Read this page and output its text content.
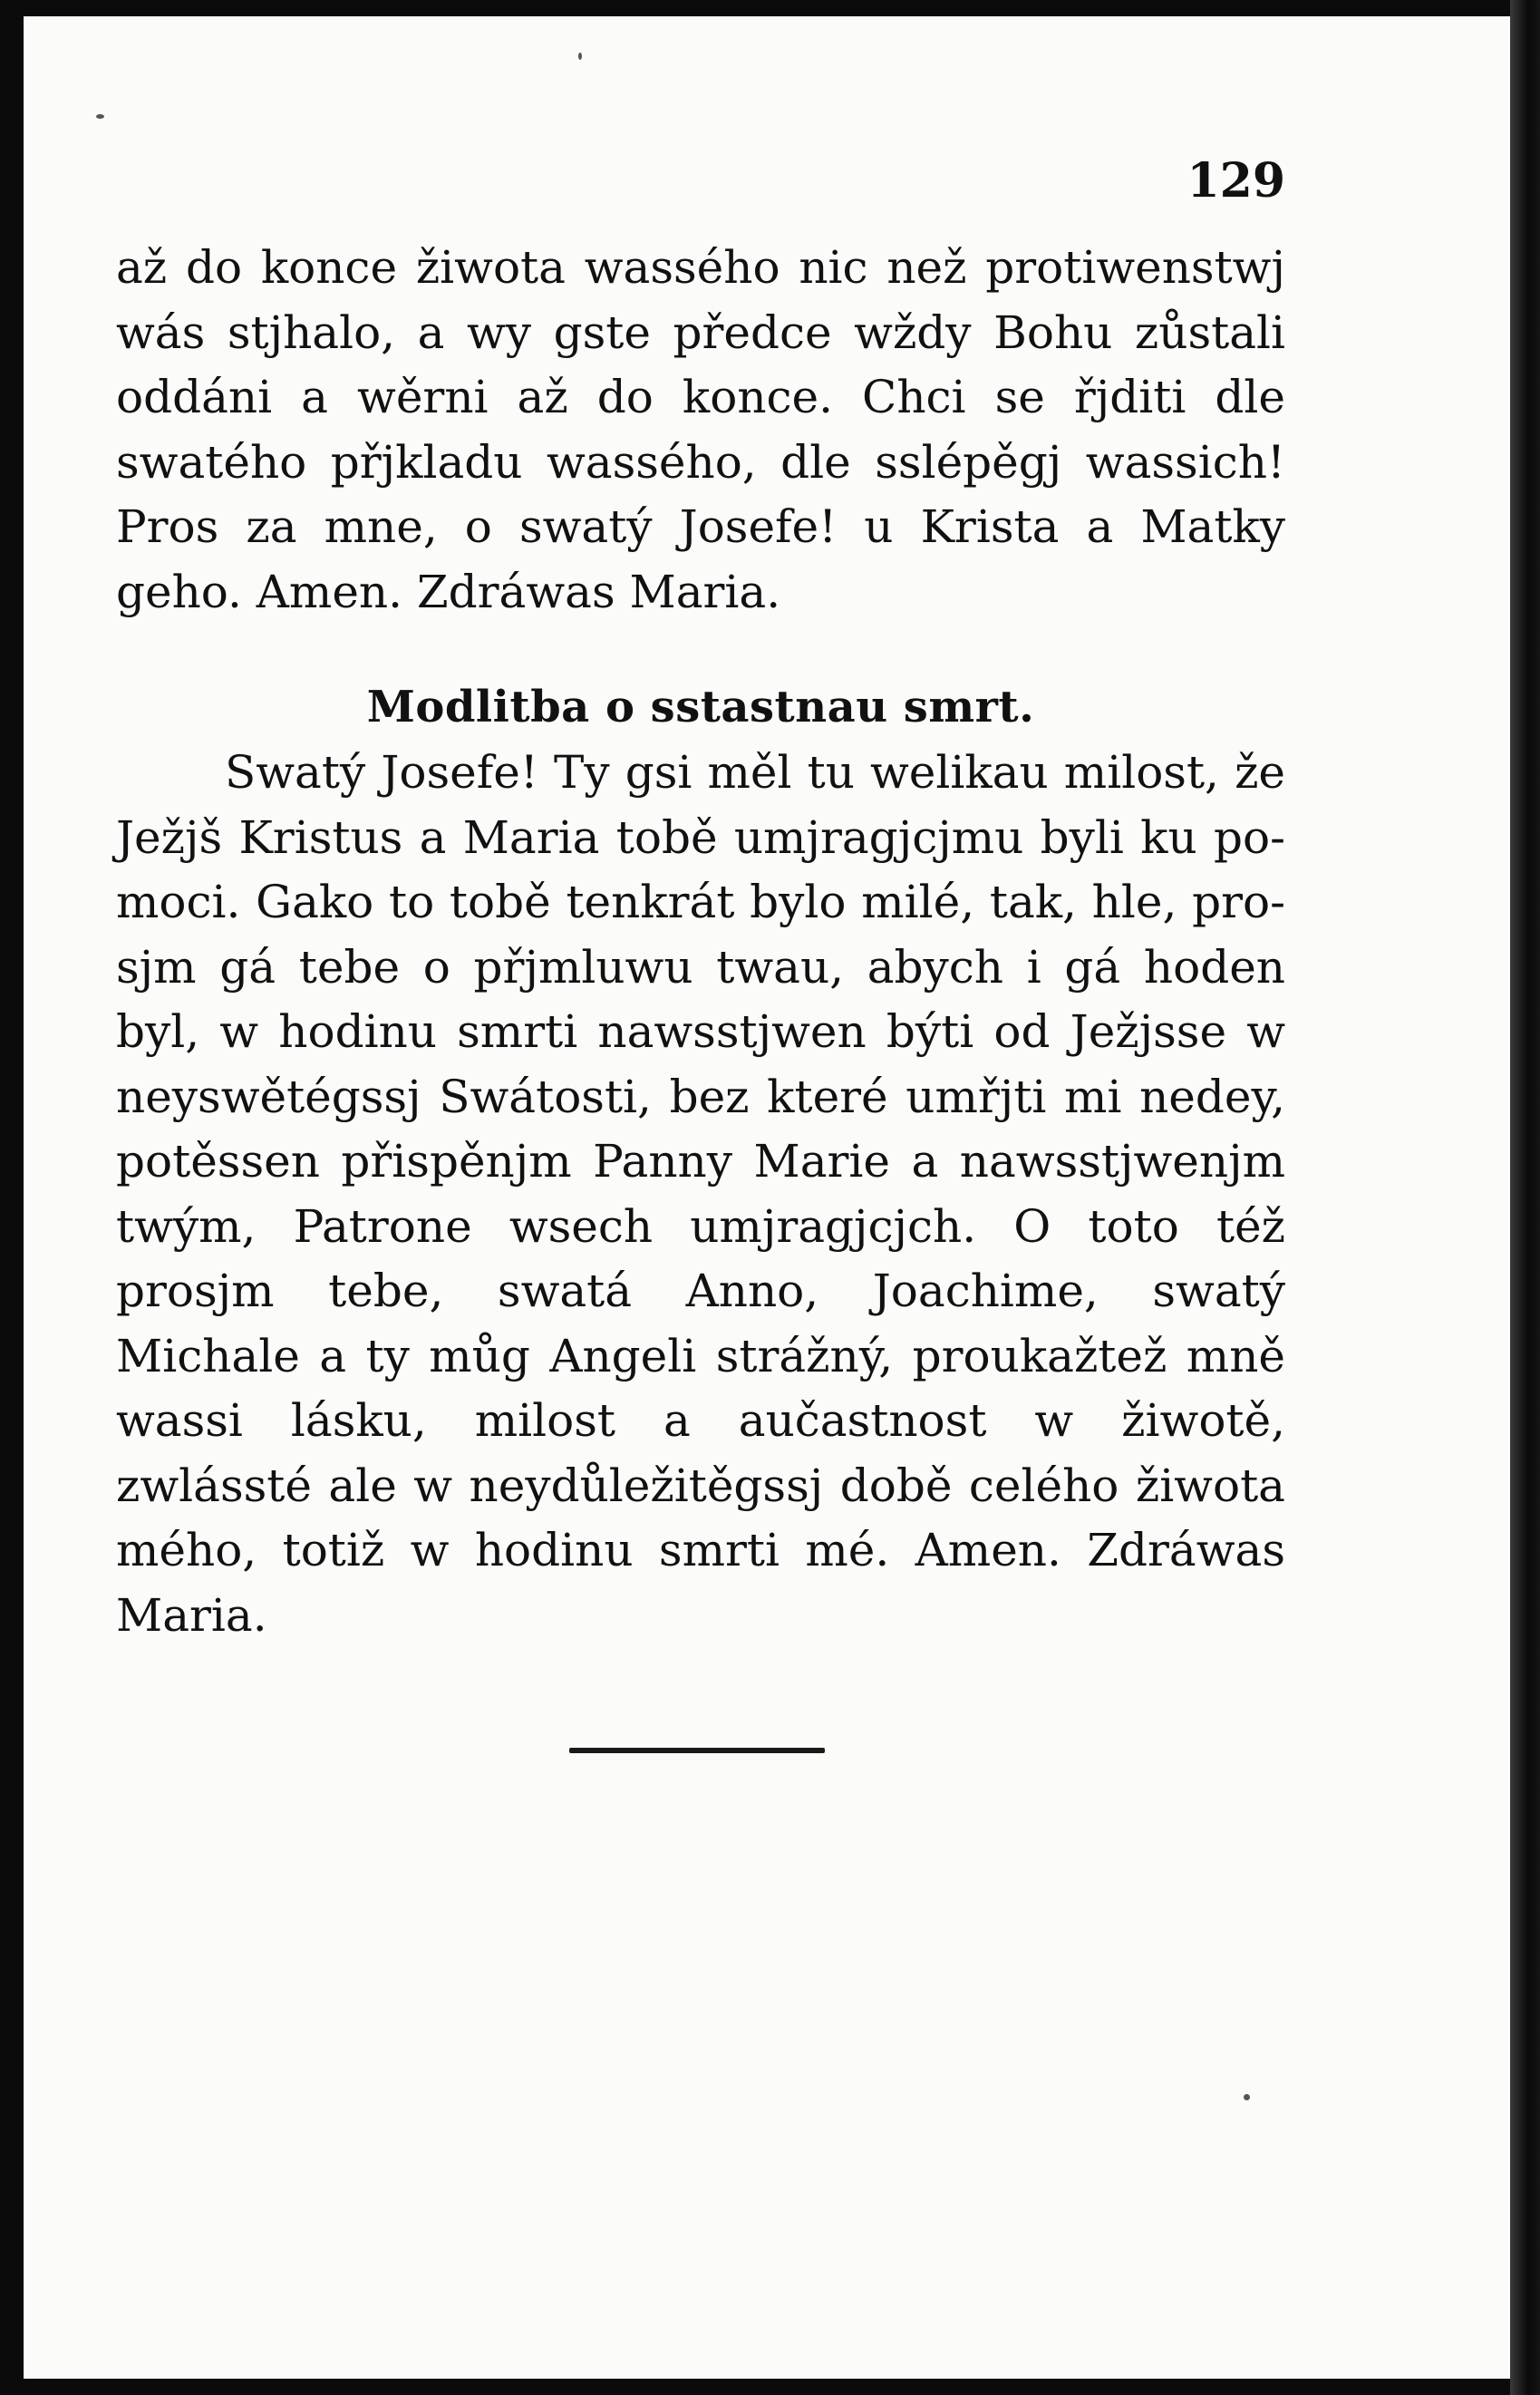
129
až do konce žiwota wassého nic než protiwenstwj wás stjhalo, a wy gste předce wždy Bohu zůstali oddáni a wěrni až do konce. Chci se řjditi dle swatého přjkladu wassého, dle sslépěgj wassich! Pros za mne, o swatý Josefe! u Krista a Matky geho. Amen. Zdráwas Maria.
Modlitba o sstastnau smrt.
Swatý Josefe! Ty gsi měl tu welikau milost, že Ježjš Kristus a Maria tobě umjragjcjmu byli ku pomoci. Gako to tobě tenkrát bylo milé, tak, hle, prosjm gá tebe o přjmluwu twau, abych i gá hoden byl, w hodinu smrti nawsstjwen býti od Ježjsse w neyswětégssj Swátosti, bez které umřjti mi nedey, potěssen přispěnjm Panny Marie a nawsstjwenjm twým, Patrone wsech umjragjcjch. O toto též prosjm tebe, swatá Anno, Joachime, swatý Michale a ty můg Angeli strážný, proukažtež mně wassi lásku, milost a aučastnost w žiwotě, zwlássté ale w neydůležitěgssj době celého žiwota mého, totiž w hodinu smrti mé. Amen. Zdráwas Maria.
